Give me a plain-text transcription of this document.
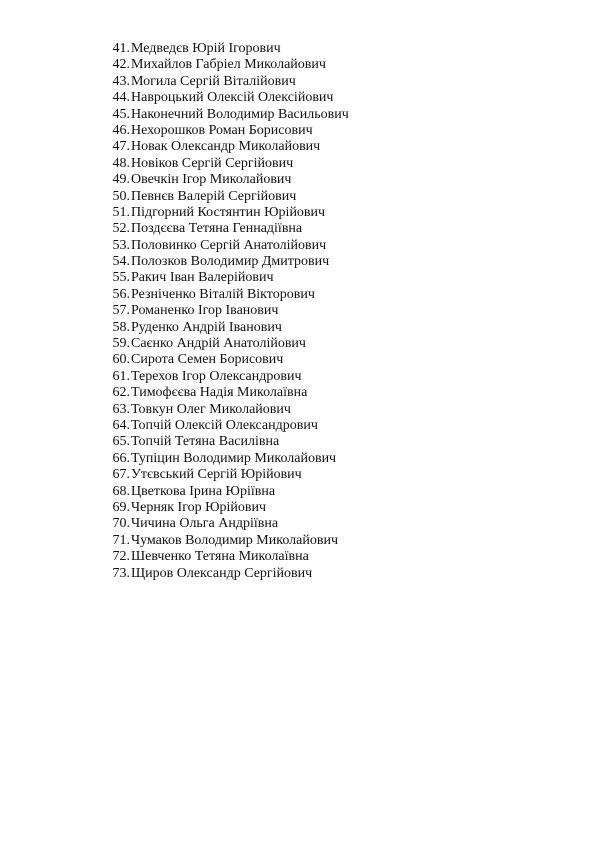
41. Медведєв Юрій Ігорович
42. Михайлов Габріел Миколайович
43. Могила Сергій Віталійович
44. Навроцький Олексій Олексійович
45. Наконечний Володимир Васильович
46. Нехорошков Роман Борисович
47. Новак Олександр Миколайович
48. Новіков Сергій Сергійович
49. Овечкін Ігор Миколайович
50. Певнєв Валерій Сергійович
51. Підгорний Костянтин Юрійович
52. Поздєєва Тетяна Геннадіївна
53. Половинко Сергій Анатолійович
54. Полозков Володимир Дмитрович
55. Ракич Іван Валерійович
56. Резніченко Віталій Вікторович
57. Романенко Ігор Іванович
58. Руденко Андрій Іванович
59. Саєнко Андрій Анатолійович
60. Сирота Семен Борисович
61. Терехов Ігор Олександрович
62. Тимофєєва Надія Миколаївна
63. Товкун Олег Миколайович
64. Топчій Олексій Олександрович
65. Топчій Тетяна Василівна
66. Тупіцин Володимир Миколайович
67. Утєвський Сергій Юрійович
68. Цветкова Ірина Юріївна
69. Черняк Ігор Юрійович
70. Чичина Ольга Андріївна
71. Чумаков Володимир Миколайович
72. Шевченко Тетяна Миколаївна
73. Щиров Олександр Сергійович
